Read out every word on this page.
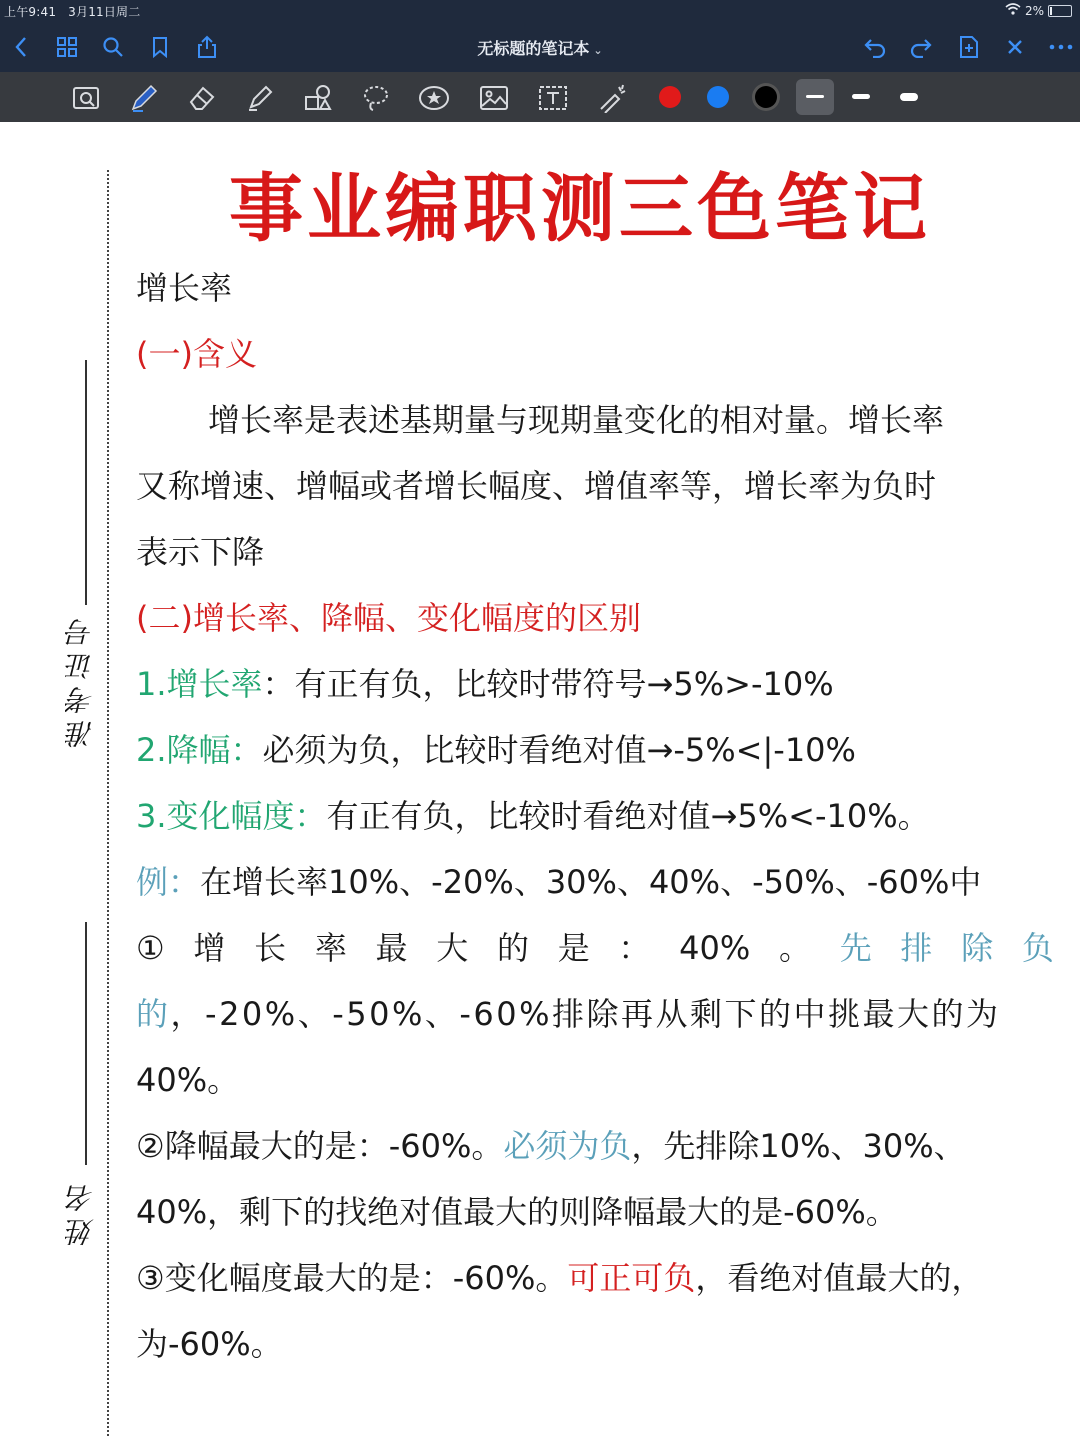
上午9:41 3月11日周二	2%
无标题的笔记本 ⌄
准考证号
姓名
事业编职测三色笔记
增长率
(一)含义
增长率是表述基期量与现期量变化的相对量。增长率
又称增速、增幅或者增长幅度、增值率等，增长率为负时
表示下降
(二)增长率、降幅、变化幅度的区别
1.增长率：有正有负，比较时带符号→5%>-10%
2.降幅：必须为负，比较时看绝对值→-5%<|-10%
3.变化幅度：有正有负，比较时看绝对值→5%<-10%。
例：在增长率10%、-20%、30%、40%、-50%、-60%中
① 增 长 率 最 大 的 是 ： 40% 。 先 排 除 负
的，-20%、-50%、-60%排除再从剩下的中挑最大的为
40%。
②降幅最大的是：-60%。必须为负，先排除10%、30%、
40%，剩下的找绝对值最大的则降幅最大的是-60%。
③变化幅度最大的是：-60%。可正可负，看绝对值最大的，
为-60%。
